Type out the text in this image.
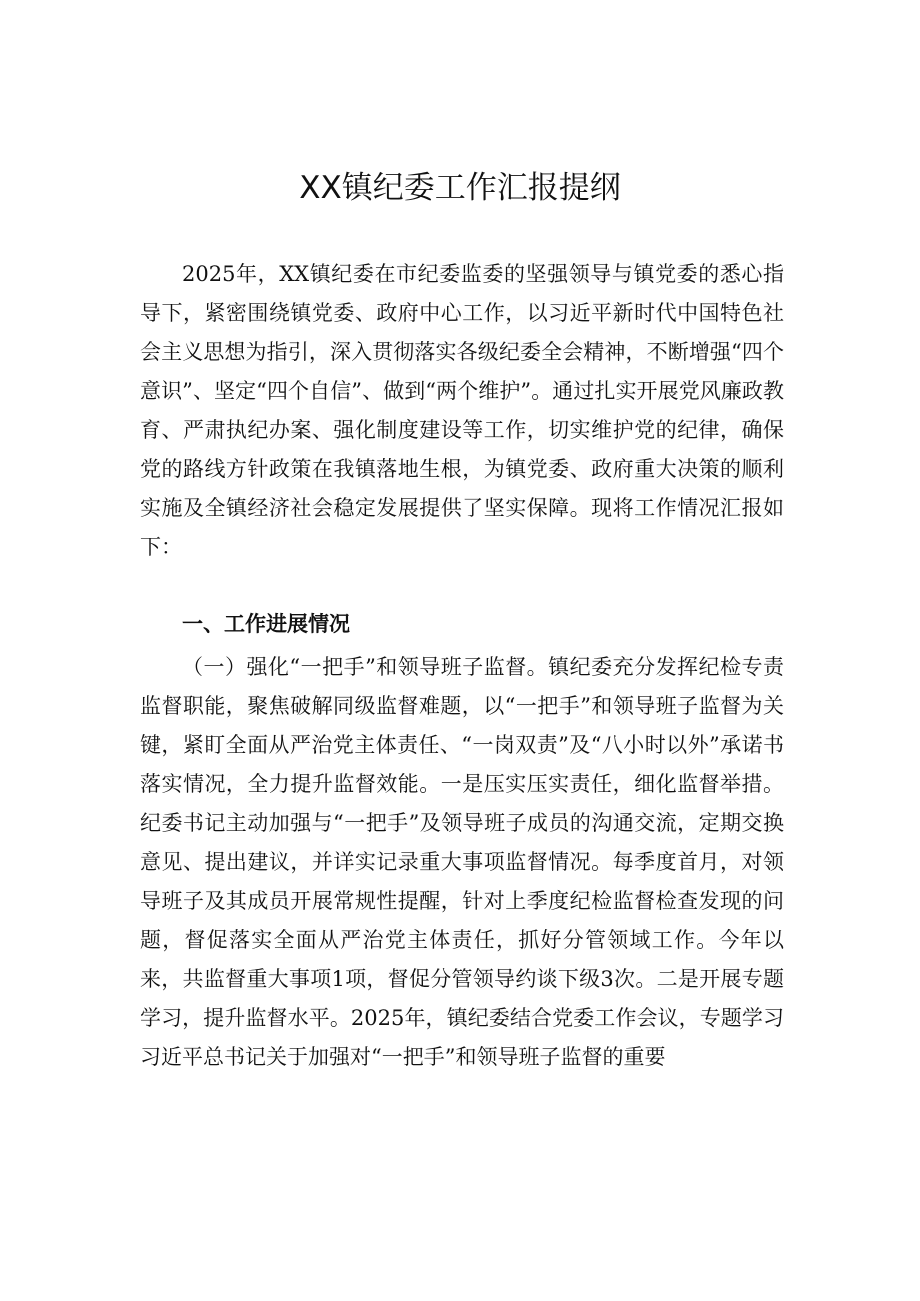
XX镇纪委工作汇报提纲

2025年，XX镇纪委在市纪委监委的坚强领导与镇党委的悉心指导下，紧密围绕镇党委、政府中心工作，以习近平新时代中国特色社会主义思想为指引，深入贯彻落实各级纪委全会精神，不断增强“四个意识”、坚定“四个自信”、做到“两个维护”。通过扎实开展党风廉政教育、严肃执纪办案、强化制度建设等工作，切实维护党的纪律，确保党的路线方针政策在我镇落地生根，为镇党委、政府重大决策的顺利实施及全镇经济社会稳定发展提供了坚实保障。现将工作情况汇报如下：

一、工作进展情况

（一）强化“一把手”和领导班子监督。镇纪委充分发挥纪检专责监督职能，聚焦破解同级监督难题，以“一把手”和领导班子监督为关键，紧盯全面从严治党主体责任、“一岗双责”及“八小时以外”承诺书落实情况，全力提升监督效能。一是压实压实责任，细化监督举措。纪委书记主动加强与“一把手”及领导班子成员的沟通交流，定期交换意见、提出建议，并详实记录重大事项监督情况。每季度首月，对领导班子及其成员开展常规性提醒，针对上季度纪检监督检查发现的问题，督促落实全面从严治党主体责任，抓好分管领域工作。今年以来，共监督重大事项1项，督促分管领导约谈下级3次。二是开展专题学习，提升监督水平。2025年，镇纪委结合党委工作会议，专题学习习近平总书记关于加强对“一把手”和领导班子监督的重要
